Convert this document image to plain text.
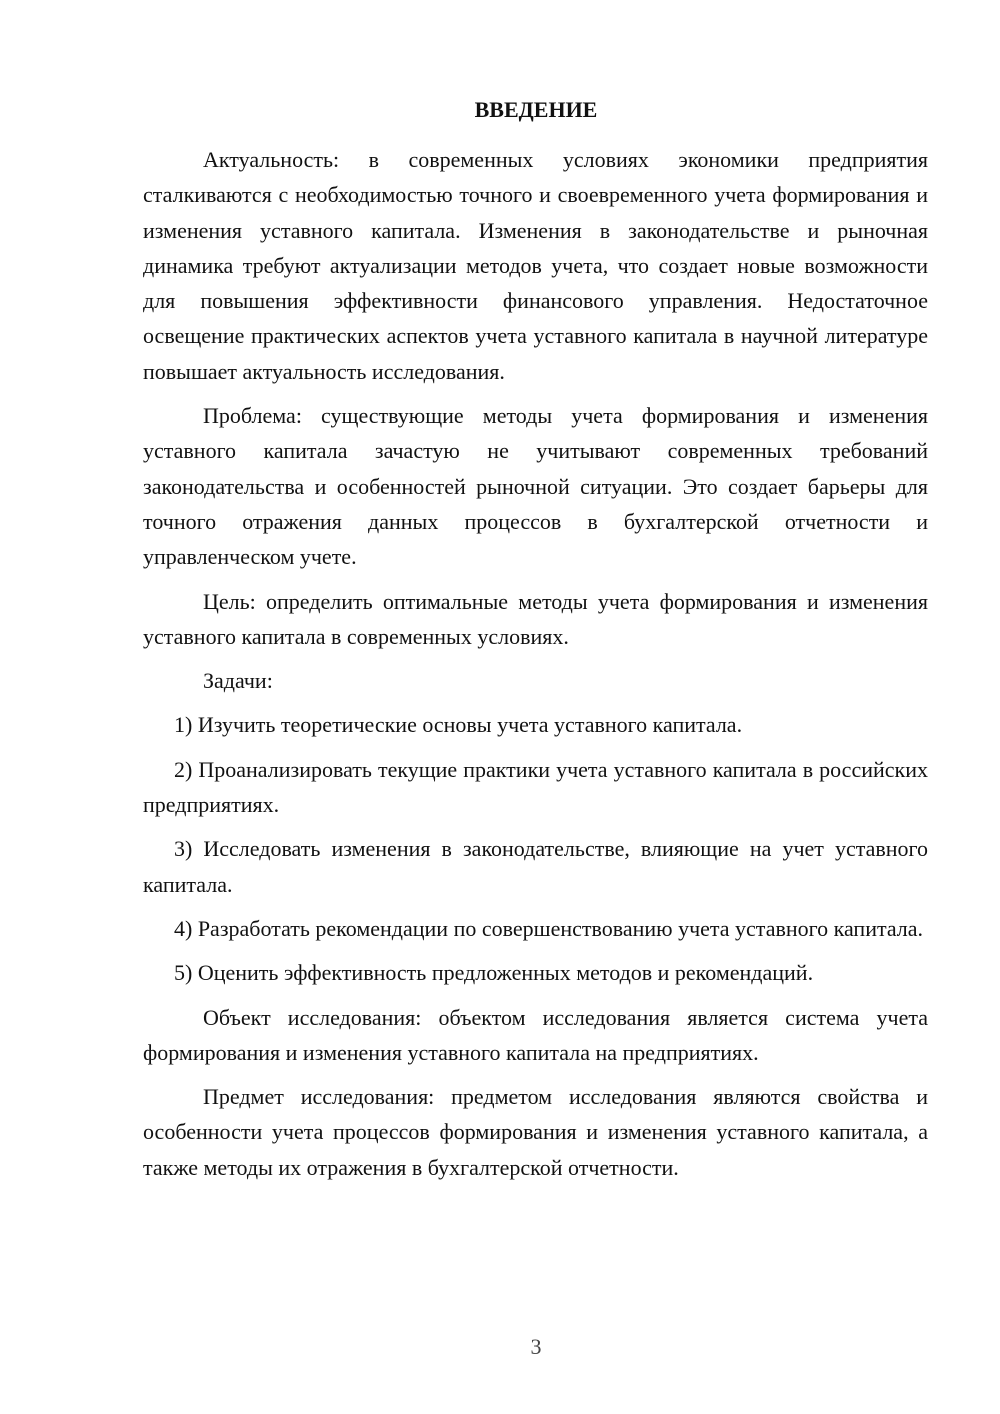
ВВЕДЕНИЕ

Актуальность: в современных условиях экономики предприятия сталкиваются с необходимостью точного и своевременного учета формирования и изменения уставного капитала. Изменения в законодательстве и рыночная динамика требуют актуализации методов учета, что создает новые возможности для повышения эффективности финансового управления. Недостаточное освещение практических аспектов учета уставного капитала в научной литературе повышает актуальность исследования.

Проблема: существующие методы учета формирования и изменения уставного капитала зачастую не учитывают современных требований законодательства и особенностей рыночной ситуации. Это создает барьеры для точного отражения данных процессов в бухгалтерской отчетности и управленческом учете.

Цель: определить оптимальные методы учета формирования и изменения уставного капитала в современных условиях.

Задачи:

1) Изучить теоретические основы учета уставного капитала.

2) Проанализировать текущие практики учета уставного капитала в российских предприятиях.

3) Исследовать изменения в законодательстве, влияющие на учет уставного капитала.

4) Разработать рекомендации по совершенствованию учета уставного капитала.

5) Оценить эффективность предложенных методов и рекомендаций.

Объект исследования: объектом исследования является система учета формирования и изменения уставного капитала на предприятиях.

Предмет исследования: предметом исследования являются свойства и особенности учета процессов формирования и изменения уставного капитала, а также методы их отражения в бухгалтерской отчетности.

3
